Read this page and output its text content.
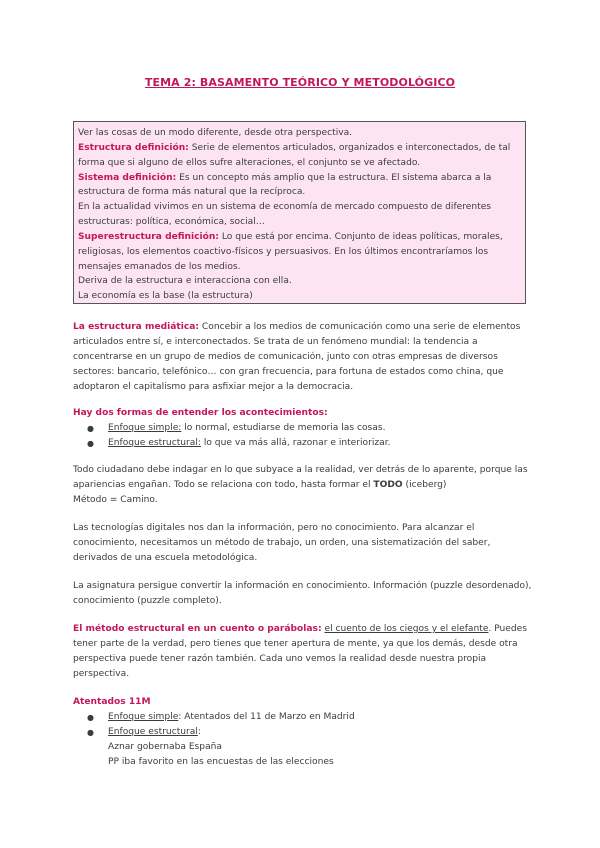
TEMA 2: BASAMENTO TEÓRICO Y METODOLÓGICO

Ver las cosas de un modo diferente, desde otra perspectiva.

Estructura definición: Serie de elementos articulados, organizados e interconectados, de tal forma que si alguno de ellos sufre alteraciones, el conjunto se ve afectado.

Sistema definición: Es un concepto más amplio que la estructura. El sistema abarca a la estructura de forma más natural que la recíproca.

En la actualidad vivimos en un sistema de economía de mercado compuesto de diferentes estructuras: política, económica, social…

Superestructura definición: Lo que está por encima. Conjunto de ideas políticas, morales, religiosas, los elementos coactivo-físicos y persuasivos. En los últimos encontraríamos los mensajes emanados de los medios.

Deriva de la estructura e interacciona con ella.

La economía es la base (la estructura)

La estructura mediática: Concebir a los medios de comunicación como una serie de elementos articulados entre sí, e interconectados. Se trata de un fenómeno mundial: la tendencia a concentrarse en un grupo de medios de comunicación, junto con otras empresas de diversos sectores: bancario, telefónico… con gran frecuencia, para fortuna de estados como china, que adoptaron el capitalismo para asfixiar mejor a la democracia.

Hay dos formas de entender los acontecimientos:

● Enfoque simple: lo normal, estudiarse de memoria las cosas.
● Enfoque estructural: lo que va más allá, razonar e interiorizar.

Todo ciudadano debe indagar en lo que subyace a la realidad, ver detrás de lo aparente, porque las apariencias engañan. Todo se relaciona con todo, hasta formar el TODO (iceberg)

Método = Camino.

Las tecnologías digitales nos dan la información, pero no conocimiento. Para alcanzar el conocimiento, necesitamos un método de trabajo, un orden, una sistematización del saber, derivados de una escuela metodológica.

La asignatura persigue convertir la información en conocimiento. Información (puzzle desordenado), conocimiento (puzzle completo).

El método estructural en un cuento o parábolas: el cuento de los ciegos y el elefante. Puedes tener parte de la verdad, pero tienes que tener apertura de mente, ya que los demás, desde otra perspectiva puede tener razón también. Cada uno vemos la realidad desde nuestra propia perspectiva.

Atentados 11M

● Enfoque simple: Atentados del 11 de Marzo en Madrid
● Enfoque estructural:

Aznar gobernaba España

PP iba favorito en las encuestas de las elecciones
